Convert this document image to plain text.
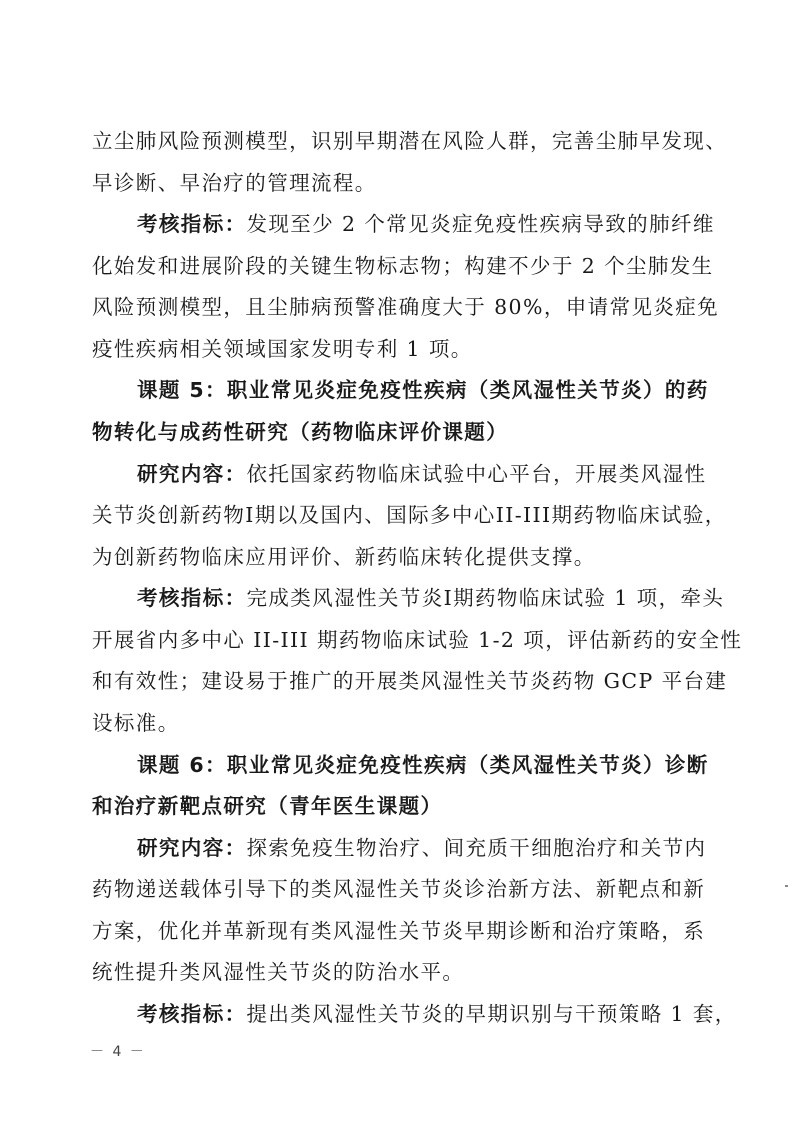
立尘肺风险预测模型，识别早期潜在风险人群，完善尘肺早发现、
早诊断、早治疗的管理流程。
考核指标：发现至少 2 个常见炎症免疫性疾病导致的肺纤维
化始发和进展阶段的关键生物标志物；构建不少于 2 个尘肺发生
风险预测模型，且尘肺病预警准确度大于 80%，申请常见炎症免
疫性疾病相关领域国家发明专利 1 项。
课题 5：职业常见炎症免疫性疾病（类风湿性关节炎）的药
物转化与成药性研究（药物临床评价课题）
研究内容：依托国家药物临床试验中心平台，开展类风湿性
关节炎创新药物I期以及国内、国际多中心II-III期药物临床试验，
为创新药物临床应用评价、新药临床转化提供支撑。
考核指标：完成类风湿性关节炎I期药物临床试验 1 项，牵头
开展省内多中心 II-III 期药物临床试验 1-2 项，评估新药的安全性
和有效性；建设易于推广的开展类风湿性关节炎药物 GCP 平台建
设标准。
课题 6：职业常见炎症免疫性疾病（类风湿性关节炎）诊断
和治疗新靶点研究（青年医生课题）
研究内容：探索免疫生物治疗、间充质干细胞治疗和关节内
药物递送载体引导下的类风湿性关节炎诊治新方法、新靶点和新
方案，优化并革新现有类风湿性关节炎早期诊断和治疗策略，系
统性提升类风湿性关节炎的防治水平。
考核指标：提出类风湿性关节炎的早期识别与干预策略 1 套，
－ 4 －
